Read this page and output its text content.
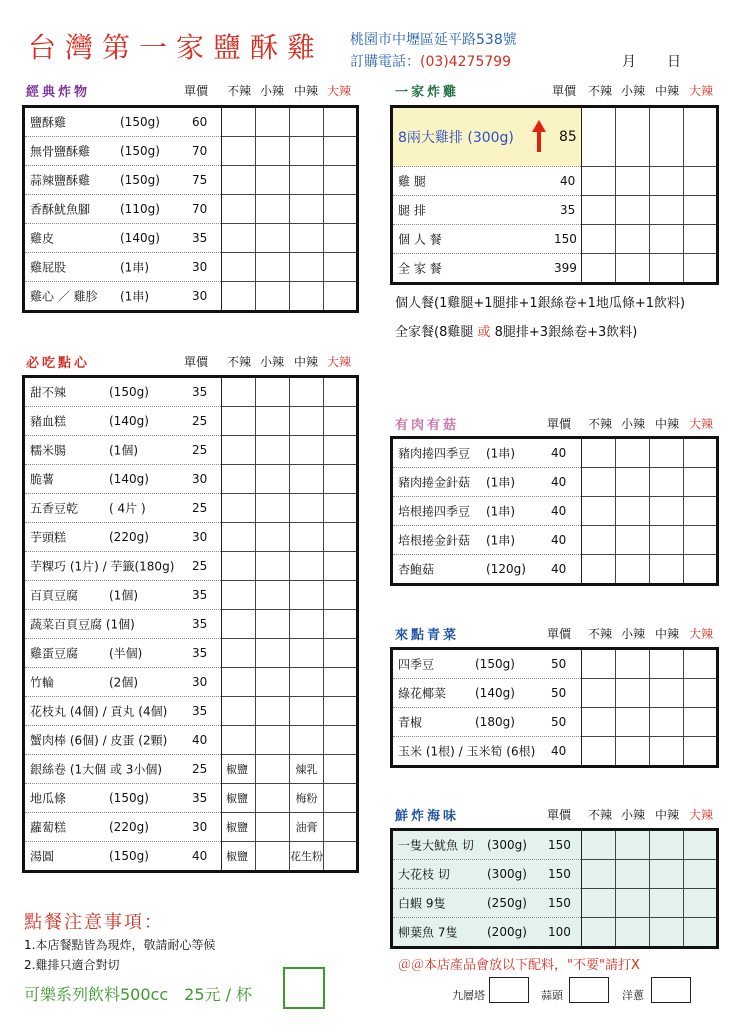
台灣第一家鹽酥雞 桃園市中壢區延平路538號
訂購電話：(03)4275799	月 日
經典炸物	單價 不辣 小辣 中辣 大辣
鹽酥雞 (150g) 60				

無骨鹽酥雞 (150g) 70				

蒜辣鹽酥雞 (150g) 75				

香酥魷魚腳 (110g) 70				

雞皮 (140g) 35				

雞屁股 (1串) 30				

雞心 ／ 雞胗 (1串) 30				

一家炸雞	單價 不辣 小辣 中辣 大辣
8兩大雞排 (300g) 85				

雞 腿 40				

腿 排 35				

個 人 餐 150				

全 家 餐 399				

個人餐(1雞腿+1腿排+1銀絲卷+1地瓜條+1飲料)
全家餐(8雞腿 或 8腿排+3銀絲卷+3飲料)
必吃點心	單價 不辣 小辣 中辣 大辣
甜不辣 (150g) 35				

豬血糕 (140g) 25				

糯米腸 (1個) 25				

脆薯 (140g) 30				

五香豆乾 ( 4片 ) 25				

芋頭糕 (220g) 30				

芋粿巧 (1片) / 芋籤(180g) 25				

百頁豆腐 (1個) 35				

蔬菜百頁豆腐 (1個) 35				

雞蛋豆腐 (半個) 35				

竹輪 (2個) 30				

花枝丸 (4個) / 貢丸 (4個) 35				

蟹肉棒 (6個) / 皮蛋 (2顆) 40				

銀絲卷 (1大個 或 3小個) 25	椒鹽		煉乳	

地瓜條 (150g) 35	椒鹽		梅粉	

蘿蔔糕 (220g) 30	椒鹽		油膏	

湯圓 (150g) 40	椒鹽		花生粉	
有肉有菇	單價 不辣 小辣 中辣 大辣
豬肉捲四季豆 (1串) 40				

豬肉捲金針菇 (1串) 40				

培根捲四季豆 (1串) 40				

培根捲金針菇 (1串) 40				

杏鮑菇 (120g) 40				

來點青菜	單價 不辣 小辣 中辣 大辣
四季豆 (150g) 50				

綠花椰菜 (140g) 50				

青椒 (180g) 50				

玉米 (1根) / 玉米筍 (6根) 40				

鮮炸海味	單價 不辣 小辣 中辣 大辣
一隻大魷魚 切 (300g) 150				

大花枝 切 (300g) 150				

白蝦 9隻 (250g) 150				

柳葉魚 7隻 (200g) 100				

點餐注意事項：
1.本店餐點皆為現炸，敬請耐心等候
2.雞排只適合對切
可樂系列飲料500cc　25元 / 杯
＠＠本店產品會放以下配料，"不要"請打X
九層塔	蒜頭	洋蔥
